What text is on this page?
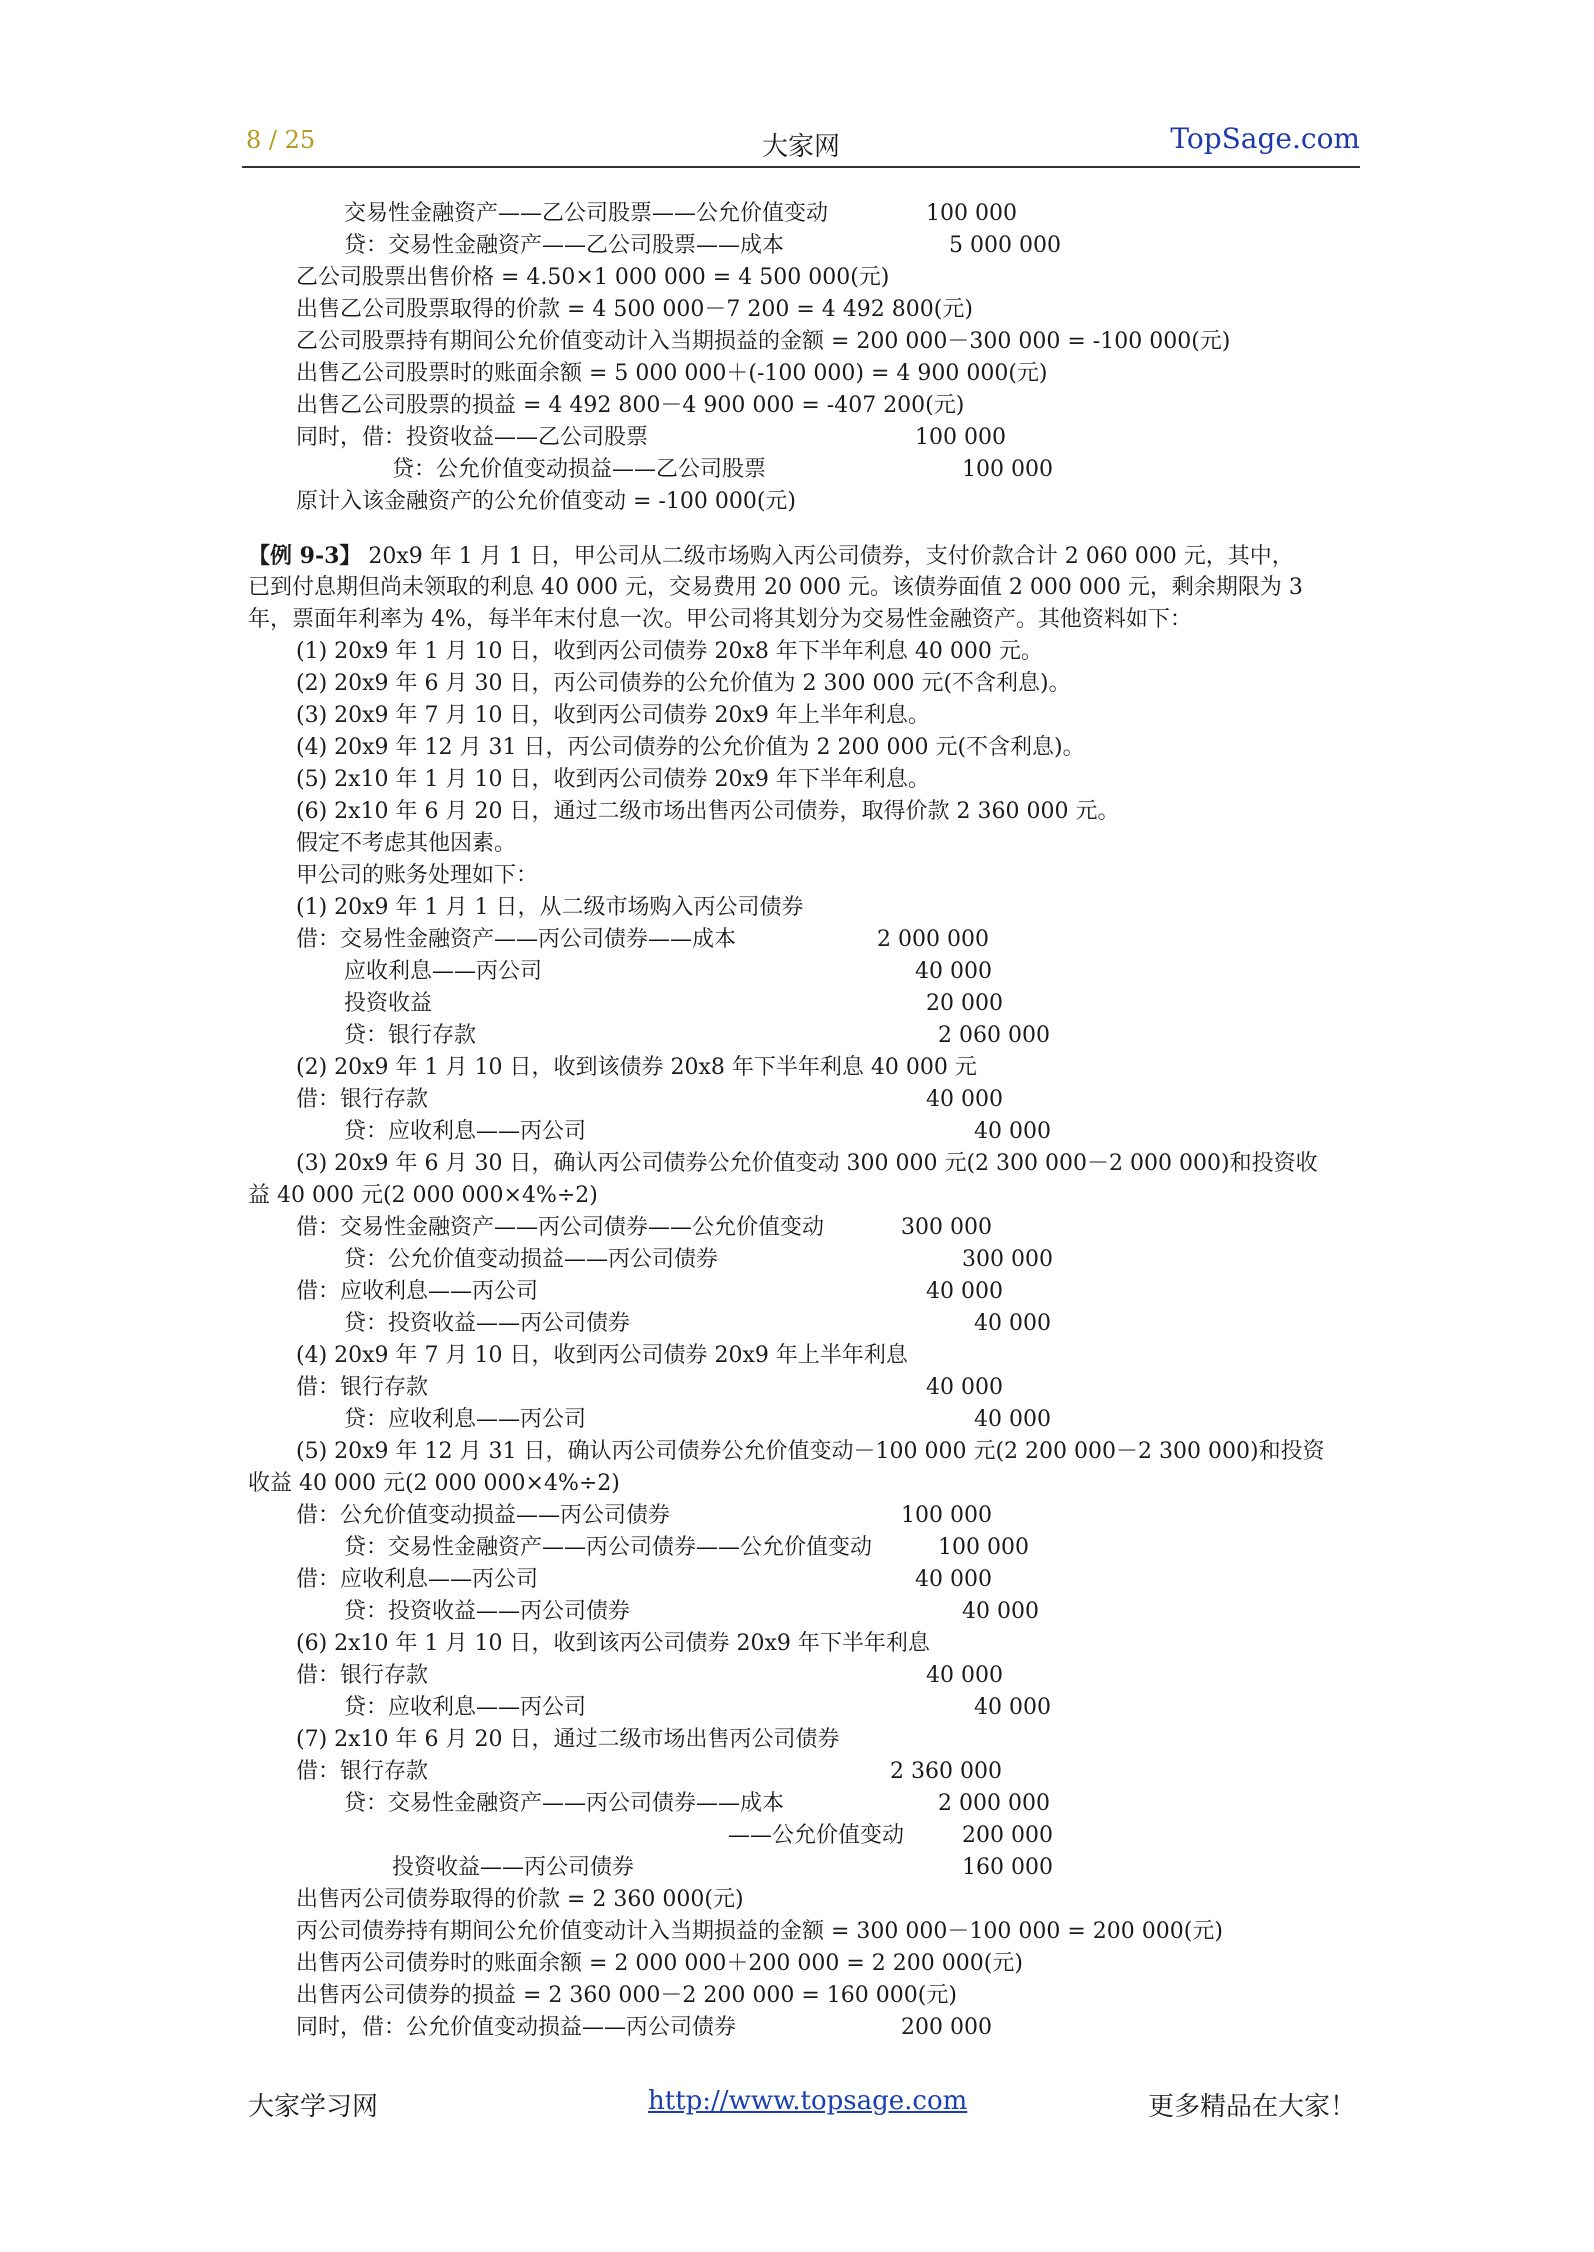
8 / 25	大家网	TopSage.com
交易性金融资产——乙公司股票——公允价值变动	100 000
贷：交易性金融资产——乙公司股票——成本	5 000 000
乙公司股票出售价格 = 4.50×1 000 000 = 4 500 000(元)
出售乙公司股票取得的价款 = 4 500 000－7 200 = 4 492 800(元)
乙公司股票持有期间公允价值变动计入当期损益的金额 = 200 000－300 000 = -100 000(元)
出售乙公司股票时的账面余额 = 5 000 000＋(-100 000) = 4 900 000(元)
出售乙公司股票的损益 = 4 492 800－4 900 000 = -407 200(元)
同时，借：投资收益——乙公司股票	100 000
贷：公允价值变动损益——乙公司股票	100 000
原计入该金融资产的公允价值变动 = -100 000(元)
【例 9-3】 20x9 年 1 月 1 日，甲公司从二级市场购入丙公司债券，支付价款合计 2 060 000 元，其中，
已到付息期但尚未领取的利息 40 000 元，交易费用 20 000 元。该债券面值 2 000 000 元，剩余期限为 3
年，票面年利率为 4%，每半年末付息一次。甲公司将其划分为交易性金融资产。其他资料如下：
(1) 20x9 年 1 月 10 日，收到丙公司债券 20x8 年下半年利息 40 000 元。
(2) 20x9 年 6 月 30 日，丙公司债券的公允价值为 2 300 000 元(不含利息)。
(3) 20x9 年 7 月 10 日，收到丙公司债券 20x9 年上半年利息。
(4) 20x9 年 12 月 31 日，丙公司债券的公允价值为 2 200 000 元(不含利息)。
(5) 2x10 年 1 月 10 日，收到丙公司债券 20x9 年下半年利息。
(6) 2x10 年 6 月 20 日，通过二级市场出售丙公司债券，取得价款 2 360 000 元。
假定不考虑其他因素。
甲公司的账务处理如下：
(1) 20x9 年 1 月 1 日，从二级市场购入丙公司债券
借：交易性金融资产——丙公司债券——成本	2 000 000
应收利息——丙公司	40 000
投资收益	20 000
贷：银行存款	2 060 000
(2) 20x9 年 1 月 10 日，收到该债券 20x8 年下半年利息 40 000 元
借：银行存款	40 000
贷：应收利息——丙公司	40 000
(3) 20x9 年 6 月 30 日，确认丙公司债券公允价值变动 300 000 元(2 300 000－2 000 000)和投资收
益 40 000 元(2 000 000×4%÷2)
借：交易性金融资产——丙公司债券——公允价值变动	300 000
贷：公允价值变动损益——丙公司债券	300 000
借：应收利息——丙公司	40 000
贷：投资收益——丙公司债券	40 000
(4) 20x9 年 7 月 10 日，收到丙公司债券 20x9 年上半年利息
借：银行存款	40 000
贷：应收利息——丙公司	40 000
(5) 20x9 年 12 月 31 日，确认丙公司债券公允价值变动－100 000 元(2 200 000－2 300 000)和投资
收益 40 000 元(2 000 000×4%÷2)
借：公允价值变动损益——丙公司债券	100 000
贷：交易性金融资产——丙公司债券——公允价值变动	100 000
借：应收利息——丙公司	40 000
贷：投资收益——丙公司债券	40 000
(6) 2x10 年 1 月 10 日，收到该丙公司债券 20x9 年下半年利息
借：银行存款	40 000
贷：应收利息——丙公司	40 000
(7) 2x10 年 6 月 20 日，通过二级市场出售丙公司债券
借：银行存款	2 360 000
贷：交易性金融资产——丙公司债券——成本	2 000 000
——公允价值变动	200 000
投资收益——丙公司债券	160 000
出售丙公司债券取得的价款 = 2 360 000(元)
丙公司债券持有期间公允价值变动计入当期损益的金额 = 300 000－100 000 = 200 000(元)
出售丙公司债券时的账面余额 = 2 000 000＋200 000 = 2 200 000(元)
出售丙公司债券的损益 = 2 360 000－2 200 000 = 160 000(元)
同时，借：公允价值变动损益——丙公司债券	200 000
大家学习网	http://www.topsage.com	更多精品在大家！
